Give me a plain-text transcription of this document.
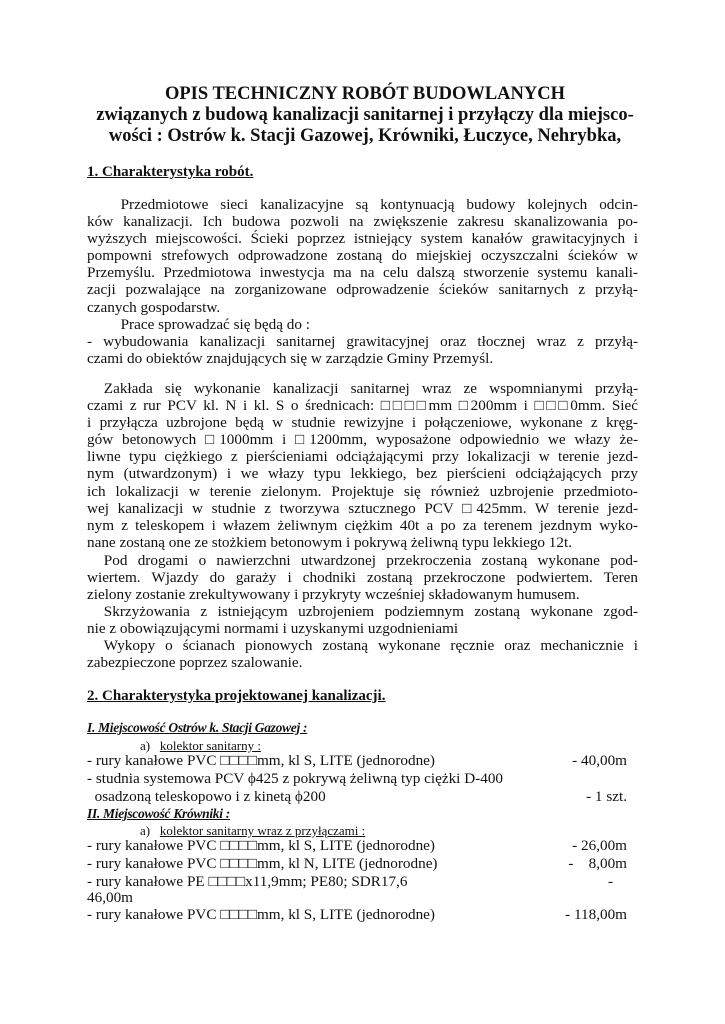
OPIS TECHNICZNY ROBÓT BUDOWLANYCH
związanych z budową kanalizacji sanitarnej i przyłączy dla miejsco-
wości : Ostrów k. Stacji Gazowej, Krówniki, Łuczyce, Nehrybka,
1. Charakterystyka robót.
Przedmiotowe sieci kanalizacyjne są kontynuacją budowy kolejnych odcin-
ków kanalizacji. Ich budowa pozwoli na zwiększenie zakresu skanalizowania po-
wyższych miejscowości. Ścieki poprzez istniejący system kanałów grawitacyjnych i
pompowni strefowych odprowadzone zostaną do miejskiej oczyszczalni ścieków w
Przemyślu. Przedmiotowa inwestycja ma na celu dalszą stworzenie systemu kanali-
zacji pozwalające na zorganizowane odprowadzenie ścieków sanitarnych z przyłą-
czanych gospodarstw.
Prace sprowadzać się będą do :
- wybudowania kanalizacji sanitarnej grawitacyjnej oraz tłocznej wraz z przyłą-
czami do obiektów znajdujących się w zarządzie Gminy Przemyśl.
Zakłada się wykonanie kanalizacji sanitarnej wraz ze wspomnianymi przyłą-
czami z rur PCV kl. N i kl. S o średnicach: □□□□mm □200mm i □□□0mm. Sieć
i przyłącza uzbrojone będą w studnie rewizyjne i połączeniowe, wykonane z kręg-
gów betonowych □1000mm i □1200mm, wyposażone odpowiednio we włazy że-
liwne typu ciężkiego z pierścieniami odciążającymi przy lokalizacji w terenie jezd-
nym (utwardzonym) i we włazy typu lekkiego, bez pierścieni odciążających przy
ich lokalizacji w terenie zielonym. Projektuje się również uzbrojenie przedmioto-
wej kanalizacji w studnie z tworzywa sztucznego PCV □425mm. W terenie jezd-
nym z teleskopem i włazem żeliwnym ciężkim 40t a po za terenem jezdnym wyko-
nane zostaną one ze stożkiem betonowym i pokrywą żeliwną typu lekkiego 12t.
Pod drogami o nawierzchni utwardzonej przekroczenia zostaną wykonane pod-
wiertem. Wjazdy do garaży i chodniki zostaną przekroczone podwiertem. Teren
zielony zostanie zrekultywowany i przykryty wcześniej składowanym humusem.
Skrzyżowania z istniejącym uzbrojeniem podziemnym zostaną wykonane zgod-
nie z obowiązującymi normami i uzyskanymi uzgodnieniami
Wykopy o ścianach pionowych zostaną wykonane ręcznie oraz mechanicznie i
zabezpieczone poprzez szalowanie.
2. Charakterystyka projektowanej kanalizacji.
I. Miejscowość Ostrów k. Stacji Gazowej :
a) kolektor sanitarny :
- rury kanałowe PVC □□□□mm, kl S, LITE (jednorodne)	- 40,00m
- studnia systemowa PCV ϕ425 z pokrywą żeliwną typ ciężki D-400
osadzoną teleskopowo i z kinetą ϕ200	- 1 szt.
II. Miejscowość Krówniki :
a) kolektor sanitarny wraz z przyłączami :
- rury kanałowe PVC □□□□mm, kl S, LITE (jednorodne)	- 26,00m
- rury kanałowe PVC □□□□mm, kl N, LITE (jednorodne)	-    8,00m
- rury kanałowe PE □□□□x11,9mm; PE80; SDR17,6	-
46,00m
- rury kanałowe PVC □□□□mm, kl S, LITE (jednorodne)	- 118,00m
